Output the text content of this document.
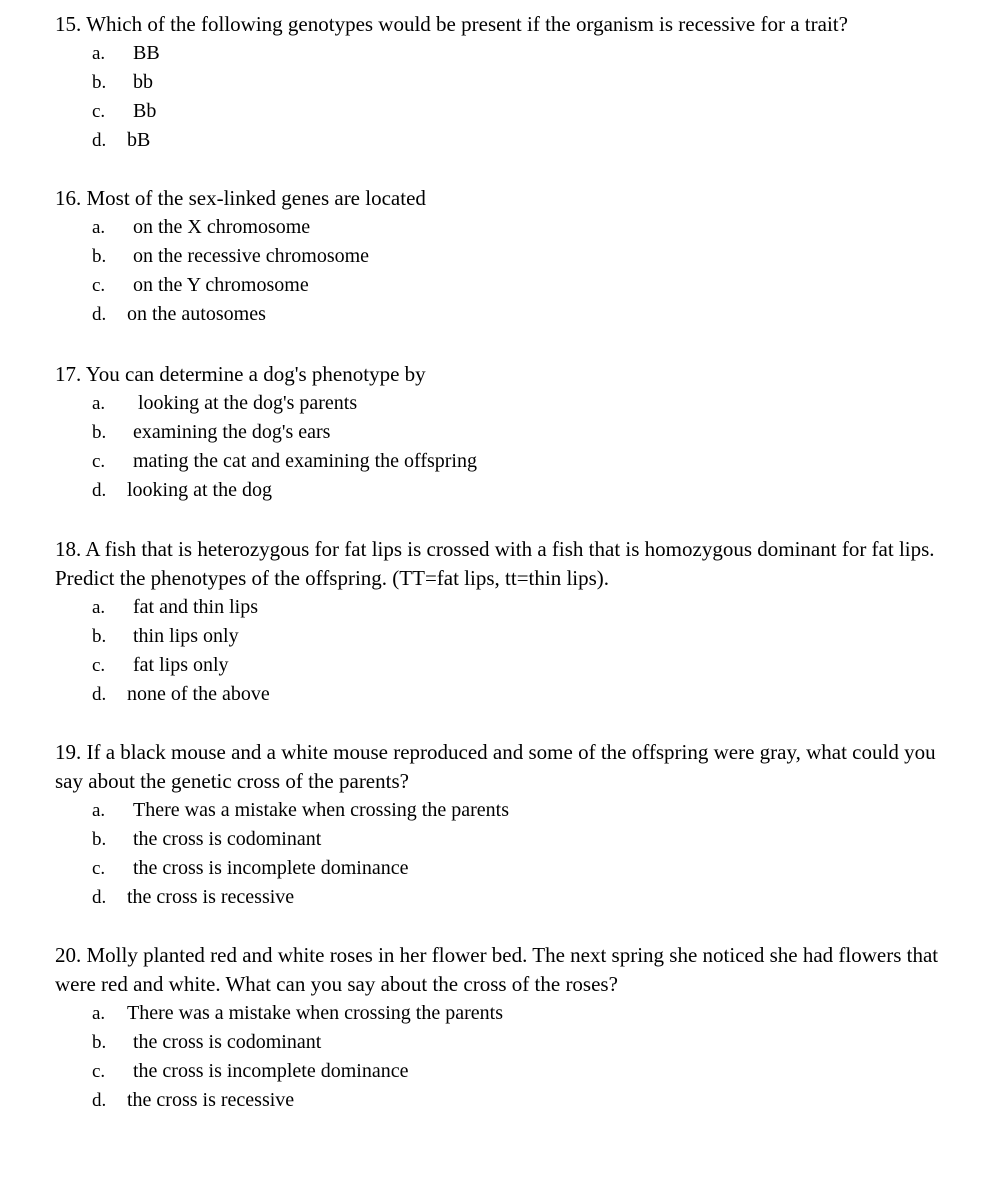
15. Which of the following genotypes would be present if the organism is recessive for a trait?

a. BB
b. bb
c. Bb
d. bB

16. Most of the sex-linked genes are located

a. on the X chromosome
b. on the recessive chromosome
c. on the Y chromosome
d. on the autosomes

17. You can determine a dog's phenotype by

a. looking at the dog's parents
b. examining the dog's ears
c. mating the cat and examining the offspring
d. looking at the dog

18. A fish that is heterozygous for fat lips is crossed with a fish that is homozygous dominant for fat lips. Predict the phenotypes of the offspring. (TT=fat lips, tt=thin lips).

a. fat and thin lips
b. thin lips only
c. fat lips only
d. none of the above

19. If a black mouse and a white mouse reproduced and some of the offspring were gray, what could you say about the genetic cross of the parents?

a. There was a mistake when crossing the parents
b. the cross is codominant
c. the cross is incomplete dominance
d. the cross is recessive

20. Molly planted red and white roses in her flower bed. The next spring she noticed she had flowers that were red and white. What can you say about the cross of the roses?

a. There was a mistake when crossing the parents
b. the cross is codominant
c. the cross is incomplete dominance
d. the cross is recessive
